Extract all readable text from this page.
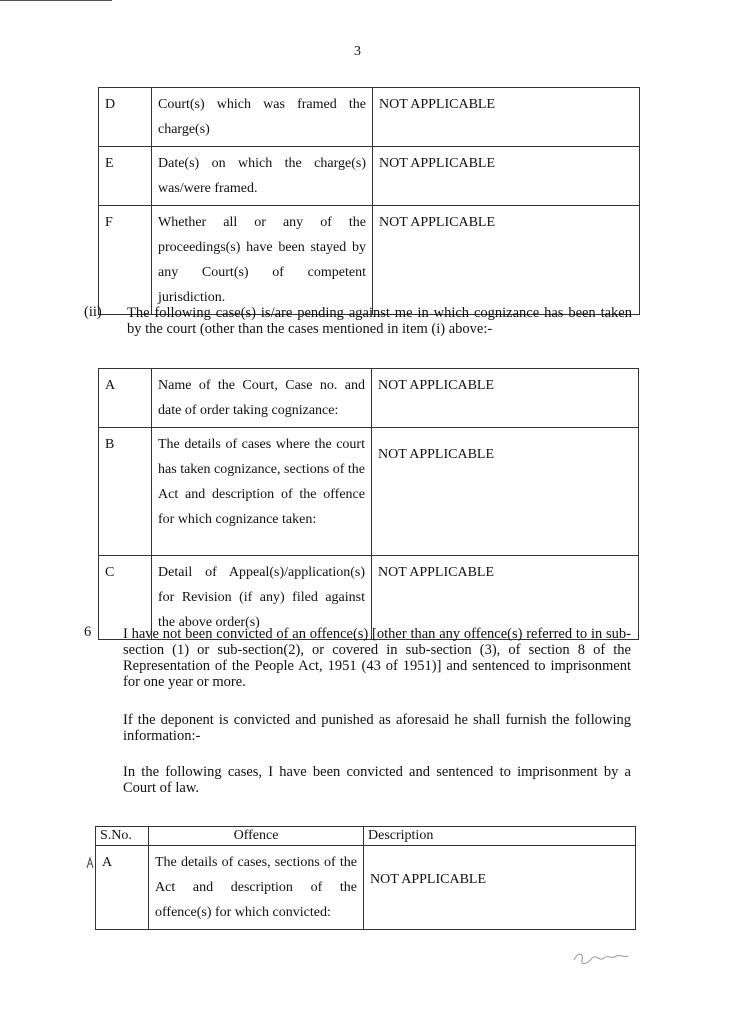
3
D	Court(s) which was framed the charge(s)	NOT APPLICABLE
E	Date(s) on which the charge(s) was/were framed.	NOT APPLICABLE
F	Whether all or any of the proceedings(s) have been stayed by any Court(s) of competent jurisdiction.	NOT APPLICABLE
(ii) The following case(s) is/are pending against me in which cognizance has been taken by the court (other than the cases mentioned in item (i) above:-
A	Name of the Court, Case no. and date of order taking cognizance:	NOT APPLICABLE
B	The details of cases where the court has taken cognizance, sections of the Act and description of the offence for which cognizance taken:	NOT APPLICABLE
C	Detail of Appeal(s)/application(s) for Revision (if any) filed against the above order(s)	NOT APPLICABLE
6 I have not been convicted of an offence(s) [other than any offence(s) referred to in sub-section (1) or sub-section(2), or covered in sub-section (3), of section 8 of the Representation of the People Act, 1951 (43 of 1951)] and sentenced to imprisonment for one year or more.
If the deponent is convicted and punished as aforesaid he shall furnish the following information:-
In the following cases, I have been convicted and sentenced to imprisonment by a Court of law.
S.No.	Offence	Description
A	The details of cases, sections of the Act and description of the offence(s) for which convicted:	NOT APPLICABLE
